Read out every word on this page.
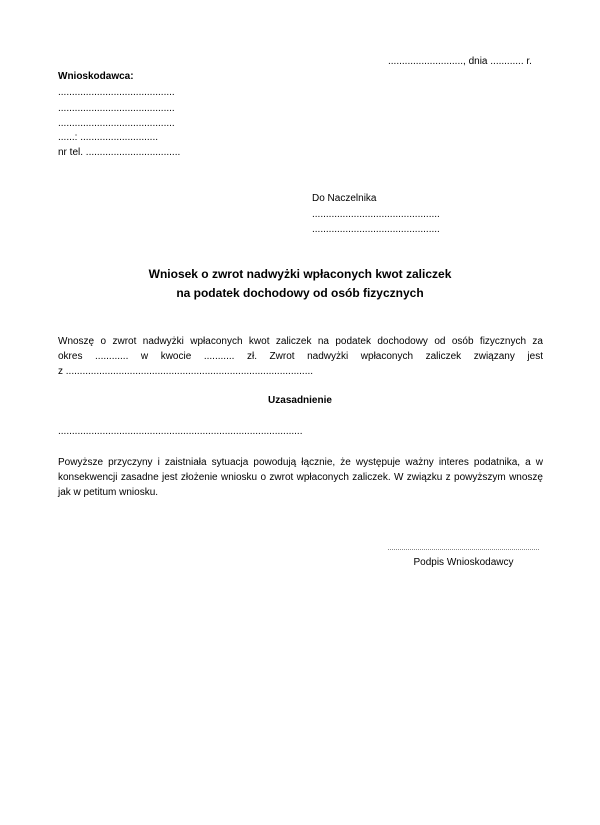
..........................., dnia ............ r.
Wnioskodawca:
..........................................
..........................................
..........................................
......: ............................
nr tel. ..................................
Do Naczelnika
..............................................
..............................................
Wniosek o zwrot nadwyżki wpłaconych kwot zaliczek
na podatek dochodowy od osób fizycznych
Wnoszę o zwrot nadwyżki wpłaconych kwot zaliczek na podatek dochodowy od osób fizycznych za
okres ............ w kwocie ........... zł. Zwrot nadwyżki wpłaconych zaliczek związany jest
z .........................................................................................
Uzasadnienie
........................................................................................
Powyższe przyczyny i zaistniała sytuacja powodują łącznie, że występuje ważny interes podatnika, a w konsekwencji zasadne jest złożenie wniosku o zwrot wpłaconych zaliczek. W związku z powyższym wnoszę jak w petitum wniosku.
Podpis Wnioskodawcy
